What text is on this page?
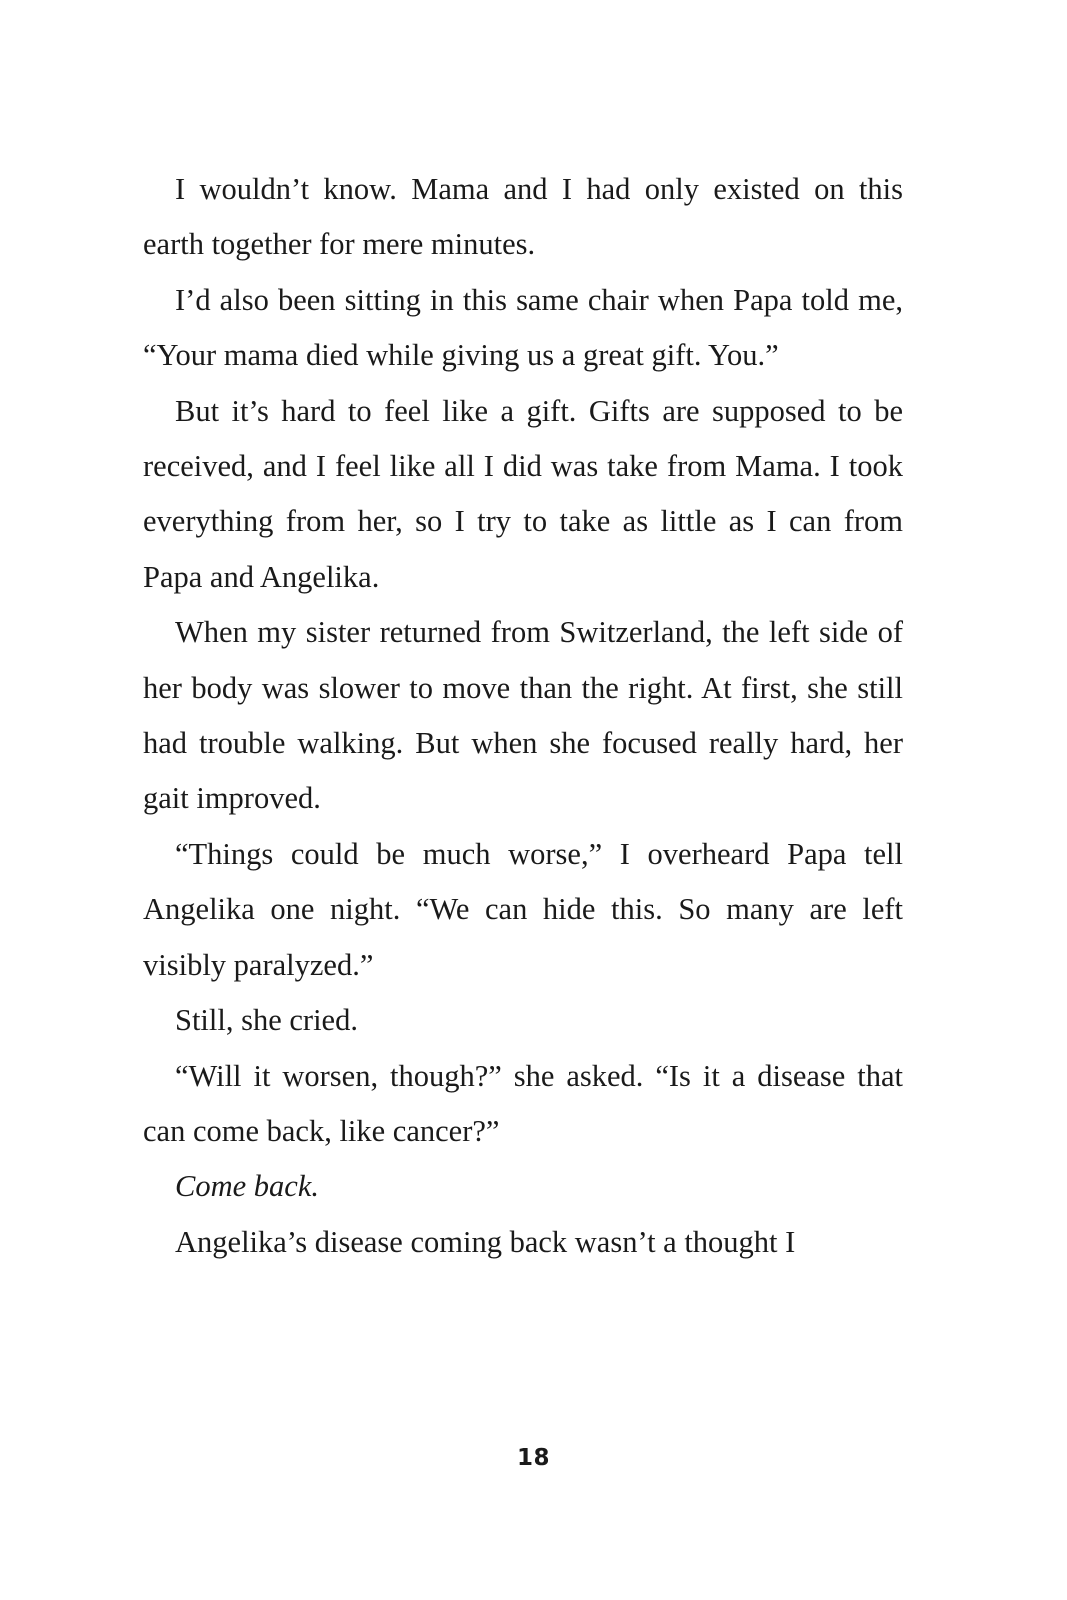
I wouldn’t know. Mama and I had only existed on this earth together for mere minutes.

I’d also been sitting in this same chair when Papa told me, “Your mama died while giving us a great gift. You.”

But it’s hard to feel like a gift. Gifts are supposed to be received, and I feel like all I did was take from Mama. I took everything from her, so I try to take as little as I can from Papa and Angelika.

When my sister returned from Switzerland, the left side of her body was slower to move than the right. At first, she still had trouble walking. But when she focused really hard, her gait improved.

“Things could be much worse,” I overheard Papa tell Angelika one night. “We can hide this. So many are left visibly paralyzed.”

Still, she cried.

“Will it worsen, though?” she asked. “Is it a disease that can come back, like cancer?”

Come back.

Angelika’s disease coming back wasn’t a thought I

18
